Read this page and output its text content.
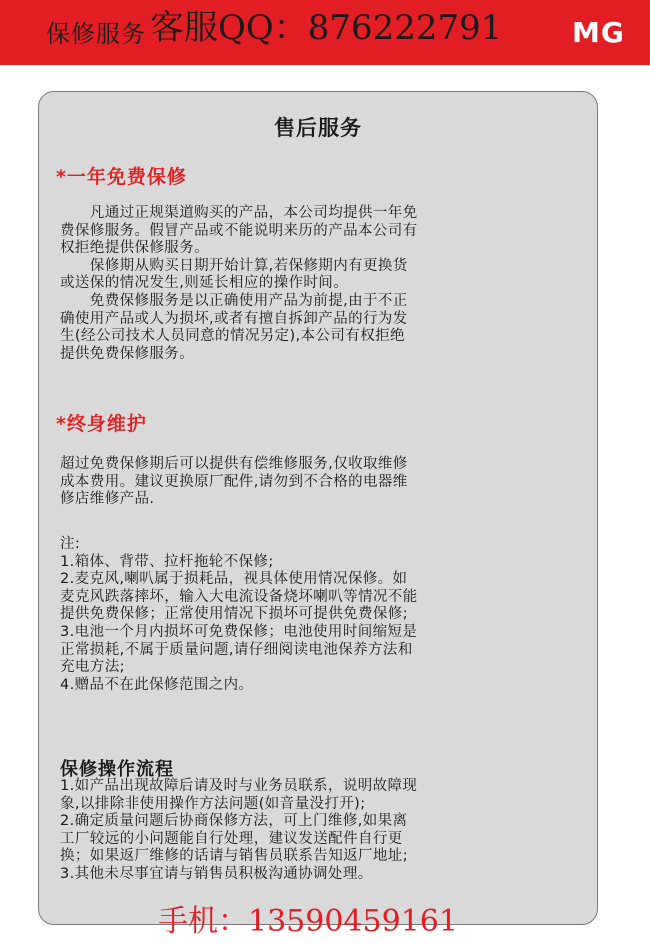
保修服务 客服QQ：876222791 MG
售后服务
*一年免费保修
　　凡通过正规渠道购买的产品，本公司均提供一年免
费保修服务。假冒产品或不能说明来历的产品本公司有
权拒绝提供保修服务。
　　保修期从购买日期开始计算,若保修期内有更换货
或送保的情况发生,则延长相应的操作时间。
　　免费保修服务是以正确使用产品为前提,由于不正
确使用产品或人为损坏,或者有擅自拆卸产品的行为发
生(经公司技术人员同意的情况另定),本公司有权拒绝
提供免费保修服务。
*终身维护
超过免费保修期后可以提供有偿维修服务,仅收取维修
成本费用。建议更换原厂配件,请勿到不合格的电器维
修店维修产品.
注:
1.箱体、背带、拉杆拖轮不保修;
2.麦克风,喇叭属于损耗品，视具体使用情况保修。如
麦克风跌落摔坏，输入大电流设备烧坏喇叭等情况不能
提供免费保修；正常使用情况下损坏可提供免费保修;
3.电池一个月内损坏可免费保修；电池使用时间缩短是
正常损耗,不属于质量问题,请仔细阅读电池保养方法和
充电方法;
4.赠品不在此保修范围之内。
保修操作流程
1.如产品出现故障后请及时与业务员联系，说明故障现
象,以排除非使用操作方法问题(如音量没打开);
2.确定质量问题后协商保修方法，可上门维修,如果离
工厂较远的小问题能自行处理，建议发送配件自行更
换；如果返厂维修的话请与销售员联系告知返厂地址;
3.其他未尽事宜请与销售员积极沟通协调处理。
手机：13590459161
